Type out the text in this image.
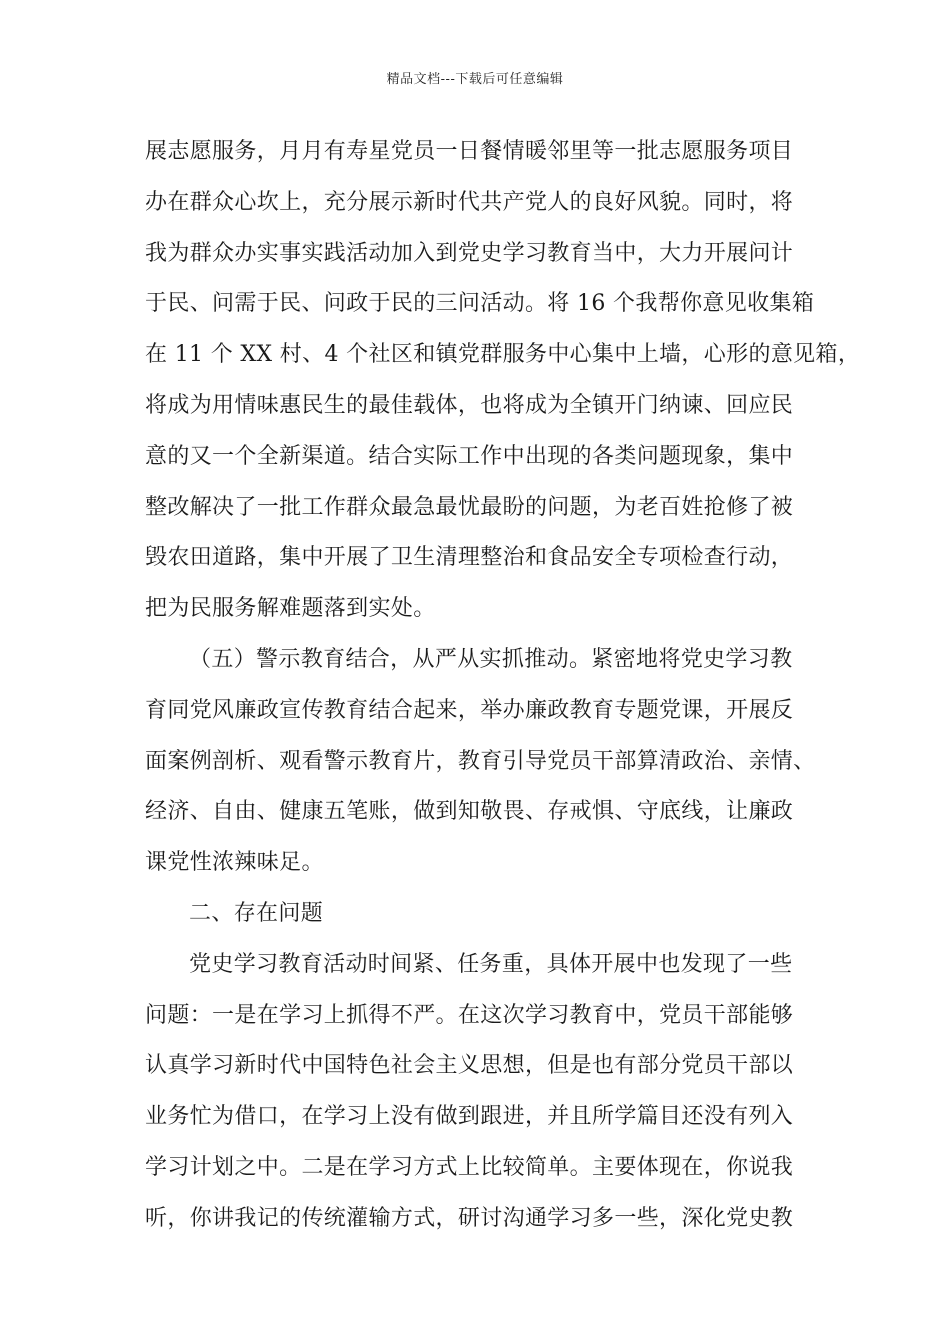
精品文档---下载后可任意编辑
展志愿服务，月月有寿星党员一日餐情暖邻里等一批志愿服务项目
办在群众心坎上，充分展示新时代共产党人的良好风貌。同时，将
我为群众办实事实践活动加入到党史学习教育当中，大力开展问计
于民、问需于民、问政于民的三问活动。将 16 个我帮你意见收集箱
在 11 个 XX 村、4 个社区和镇党群服务中心集中上墙，心形的意见箱，
将成为用情味惠民生的最佳载体，也将成为全镇开门纳谏、回应民
意的又一个全新渠道。结合实际工作中出现的各类问题现象，集中
整改解决了一批工作群众最急最忧最盼的问题，为老百姓抢修了被
毁农田道路，集中开展了卫生清理整治和食品安全专项检查行动，
把为民服务解难题落到实处。
（五）警示教育结合，从严从实抓推动。紧密地将党史学习教
育同党风廉政宣传教育结合起来，举办廉政教育专题党课，开展反
面案例剖析、观看警示教育片，教育引导党员干部算清政治、亲情、
经济、自由、健康五笔账，做到知敬畏、存戒惧、守底线，让廉政
课党性浓辣味足。
二、存在问题
党史学习教育活动时间紧、任务重，具体开展中也发现了一些
问题：一是在学习上抓得不严。在这次学习教育中，党员干部能够
认真学习新时代中国特色社会主义思想，但是也有部分党员干部以
业务忙为借口，在学习上没有做到跟进，并且所学篇目还没有列入
学习计划之中。二是在学习方式上比较简单。主要体现在，你说我
听，你讲我记的传统灌输方式，研讨沟通学习多一些，深化党史教
